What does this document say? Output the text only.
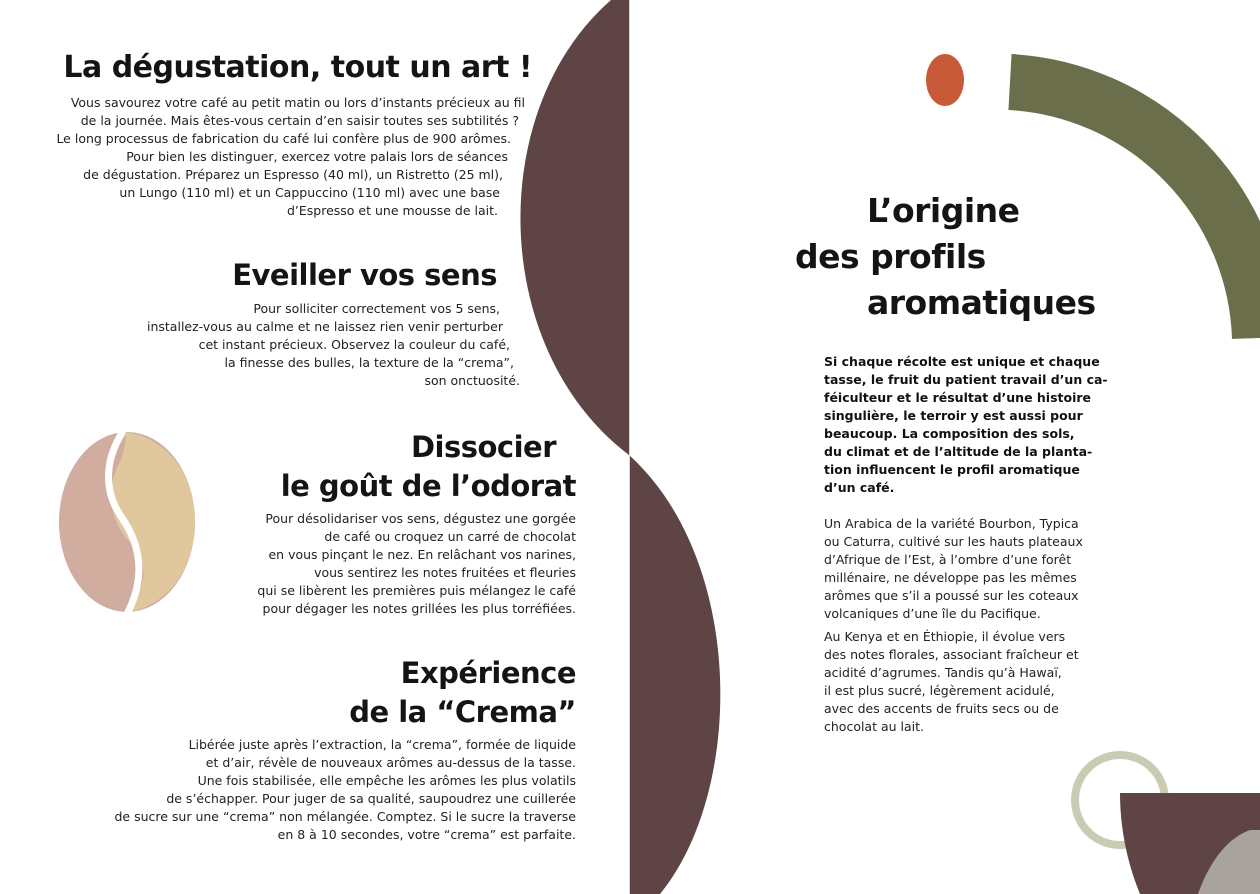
La dégustation, tout un art !
Vous savourez votre café au petit matin ou lors d’instants précieux au fil
de la journée. Mais êtes-vous certain d’en saisir toutes ses subtilités ?
Le long processus de fabrication du café lui confère plus de 900 arômes.
Pour bien les distinguer, exercez votre palais lors de séances
de dégustation. Préparez un Espresso (40 ml), un Ristretto (25 ml),
un Lungo (110 ml) et un Cappuccino (110 ml) avec une base
d’Espresso et une mousse de lait.
Eveiller vos sens
Pour solliciter correctement vos 5 sens,
installez-vous au calme et ne laissez rien venir perturber
cet instant précieux. Observez la couleur du café,
la finesse des bulles, la texture de la “crema”,
son onctuosité.
Dissocier
le goût de l’odorat
Pour désolidariser vos sens, dégustez une gorgée
de café ou croquez un carré de chocolat
en vous pinçant le nez. En relâchant vos narines,
vous sentirez les notes fruitées et fleuries
qui se libèrent les premières puis mélangez le café
pour dégager les notes grillées les plus torréfiées.
Expérience
de la “Crema”
Libérée juste après l’extraction, la “crema”, formée de liquide
et d’air, révèle de nouveaux arômes au-dessus de la tasse.
Une fois stabilisée, elle empêche les arômes les plus volatils
de s’échapper. Pour juger de sa qualité, saupoudrez une cuillerée
de sucre sur une “crema” non mélangée. Comptez. Si le sucre la traverse
en 8 à 10 secondes, votre “crema” est parfaite.
L’origine
des profils
aromatiques
Si chaque récolte est unique et chaque
tasse, le fruit du patient travail d’un ca-
féiculteur et le résultat d’une histoire
singulière, le terroir y est aussi pour
beaucoup. La composition des sols,
du climat et de l’altitude de la planta-
tion influencent le profil aromatique
d’un café.
Un Arabica de la variété Bourbon, Typica
ou Caturra, cultivé sur les hauts plateaux
d’Afrique de l’Est, à l’ombre d’une forêt
millénaire, ne développe pas les mêmes
arômes que s’il a poussé sur les coteaux
volcaniques d’une île du Pacifique.
Au Kenya et en Éthiopie, il évolue vers
des notes florales, associant fraîcheur et
acidité d’agrumes. Tandis qu’à Hawaï,
il est plus sucré, légèrement acidulé,
avec des accents de fruits secs ou de
chocolat au lait.
